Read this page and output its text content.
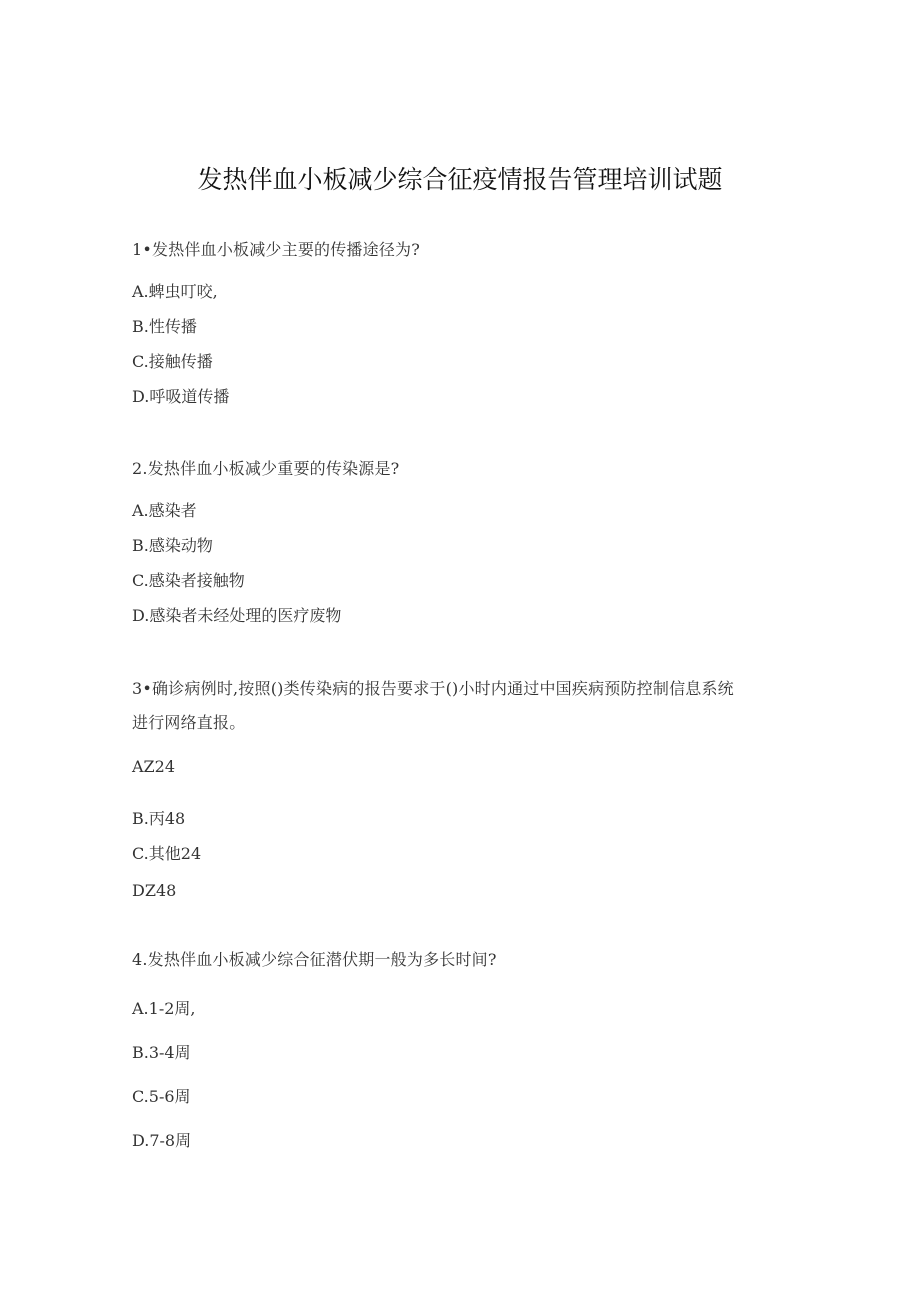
发热伴血小板减少综合征疫情报告管理培训试题
1•发热伴血小板减少主要的传播途径为?
A.蜱虫叮咬,
B.性传播
C.接触传播
D.呼吸道传播
2.发热伴血小板减少重要的传染源是?
A.感染者
B.感染动物
C.感染者接触物
D.感染者未经处理的医疗废物
3•确诊病例时,按照()类传染病的报告要求于()小时内通过中国疾病预防控制信息系统
进行网络直报。
AZ24
B.丙48
C.其他24
DZ48
4.发热伴血小板减少综合征潜伏期一般为多长时间?
A.1-2周,
B.3-4周
C.5-6周
D.7-8周
